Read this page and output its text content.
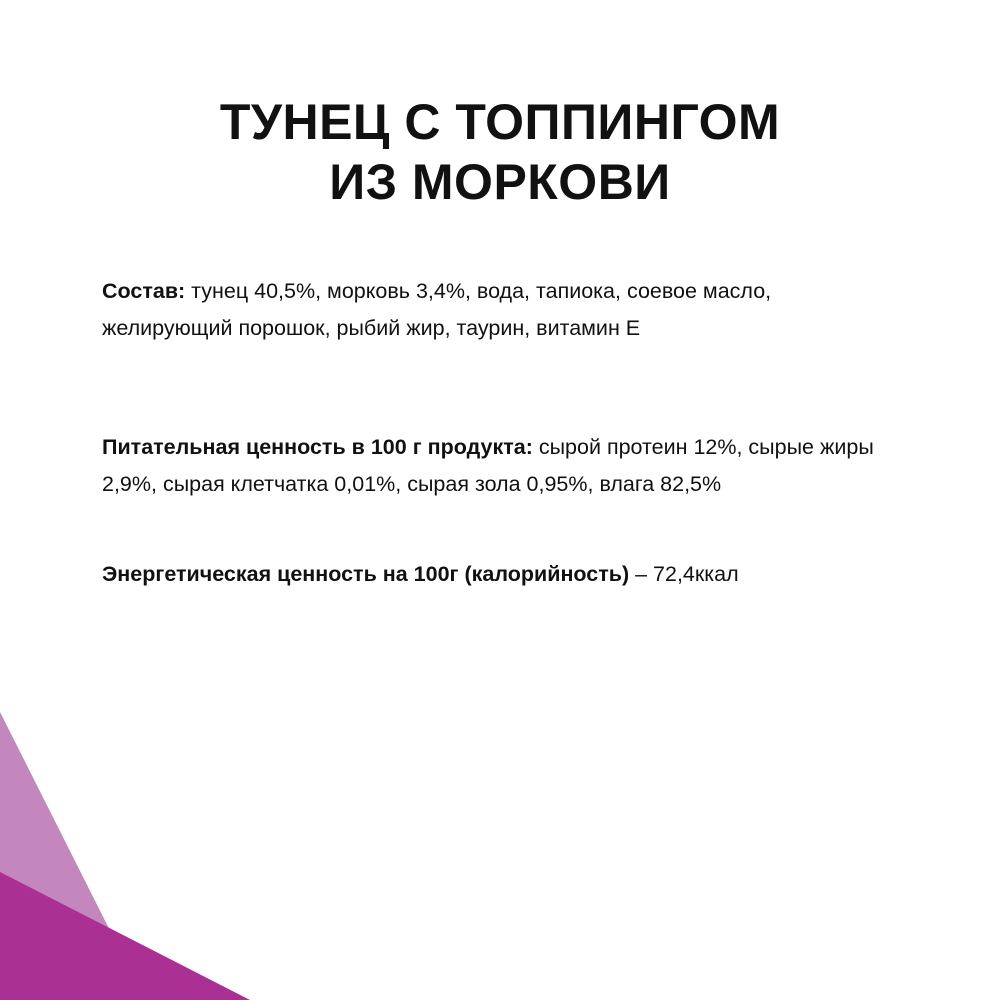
ТУНЕЦ С ТОППИНГОМ
ИЗ МОРКОВИ

Состав: тунец 40,5%, морковь 3,4%, вода, тапиока, соевое масло, желирующий порошок, рыбий жир, таурин, витамин Е

Питательная ценность в 100 г продукта: сырой протеин 12%, сырые жиры 2,9%, сырая клетчатка 0,01%, сырая зола 0,95%, влага 82,5%

Энергетическая ценность на 100г (калорийность) – 72,4ккал
